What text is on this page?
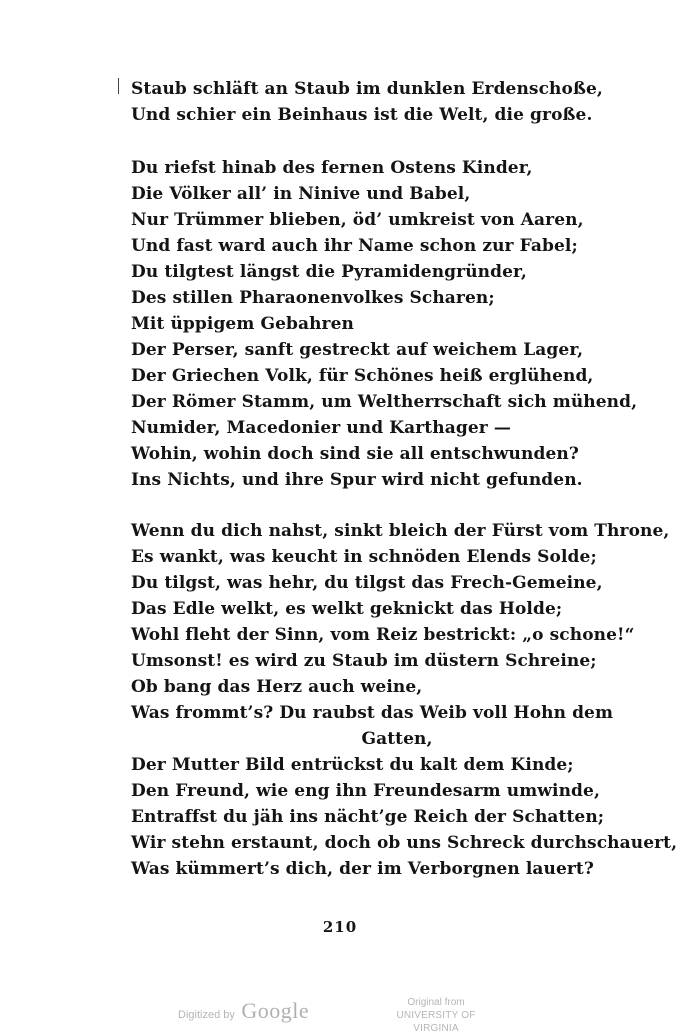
Staub schläft an Staub im dunklen Erdenschoße,
Und schier ein Beinhaus ist die Welt, die große.
Du riefst hinab des fernen Ostens Kinder,
Die Völker all’ in Ninive und Babel,
Nur Trümmer blieben, öd’ umkreist von Aaren,
Und fast ward auch ihr Name schon zur Fabel;
Du tilgtest längst die Pyramidengründer,
Des stillen Pharaonenvolkes Scharen;
Mit üppigem Gebahren
Der Perser, sanft gestreckt auf weichem Lager,
Der Griechen Volk, für Schönes heiß erglühend,
Der Römer Stamm, um Weltherrschaft sich mühend,
Numider, Macedonier und Karthager —
Wohin, wohin doch sind sie all entschwunden?
Ins Nichts, und ihre Spur wird nicht gefunden.
Wenn du dich nahst, sinkt bleich der Fürst vom Throne,
Es wankt, was keucht in schnöden Elends Solde;
Du tilgst, was hehr, du tilgst das Frech-Gemeine,
Das Edle welkt, es welkt geknickt das Holde;
Wohl fleht der Sinn, vom Reiz bestrickt: „o schone!“
Umsonst! es wird zu Staub im düstern Schreine;
Ob bang das Herz auch weine,
Was frommt’s? Du raubst das Weib voll Hohn dem
Gatten,
Der Mutter Bild entrückst du kalt dem Kinde;
Den Freund, wie eng ihn Freundesarm umwinde,
Entraffst du jäh ins nächt’ge Reich der Schatten;
Wir stehn erstaunt, doch ob uns Schreck durchschauert,
Was kümmert’s dich, der im Verborgnen lauert?
210
Digitized by Google	Original from
UNIVERSITY OF VIRGINIA
